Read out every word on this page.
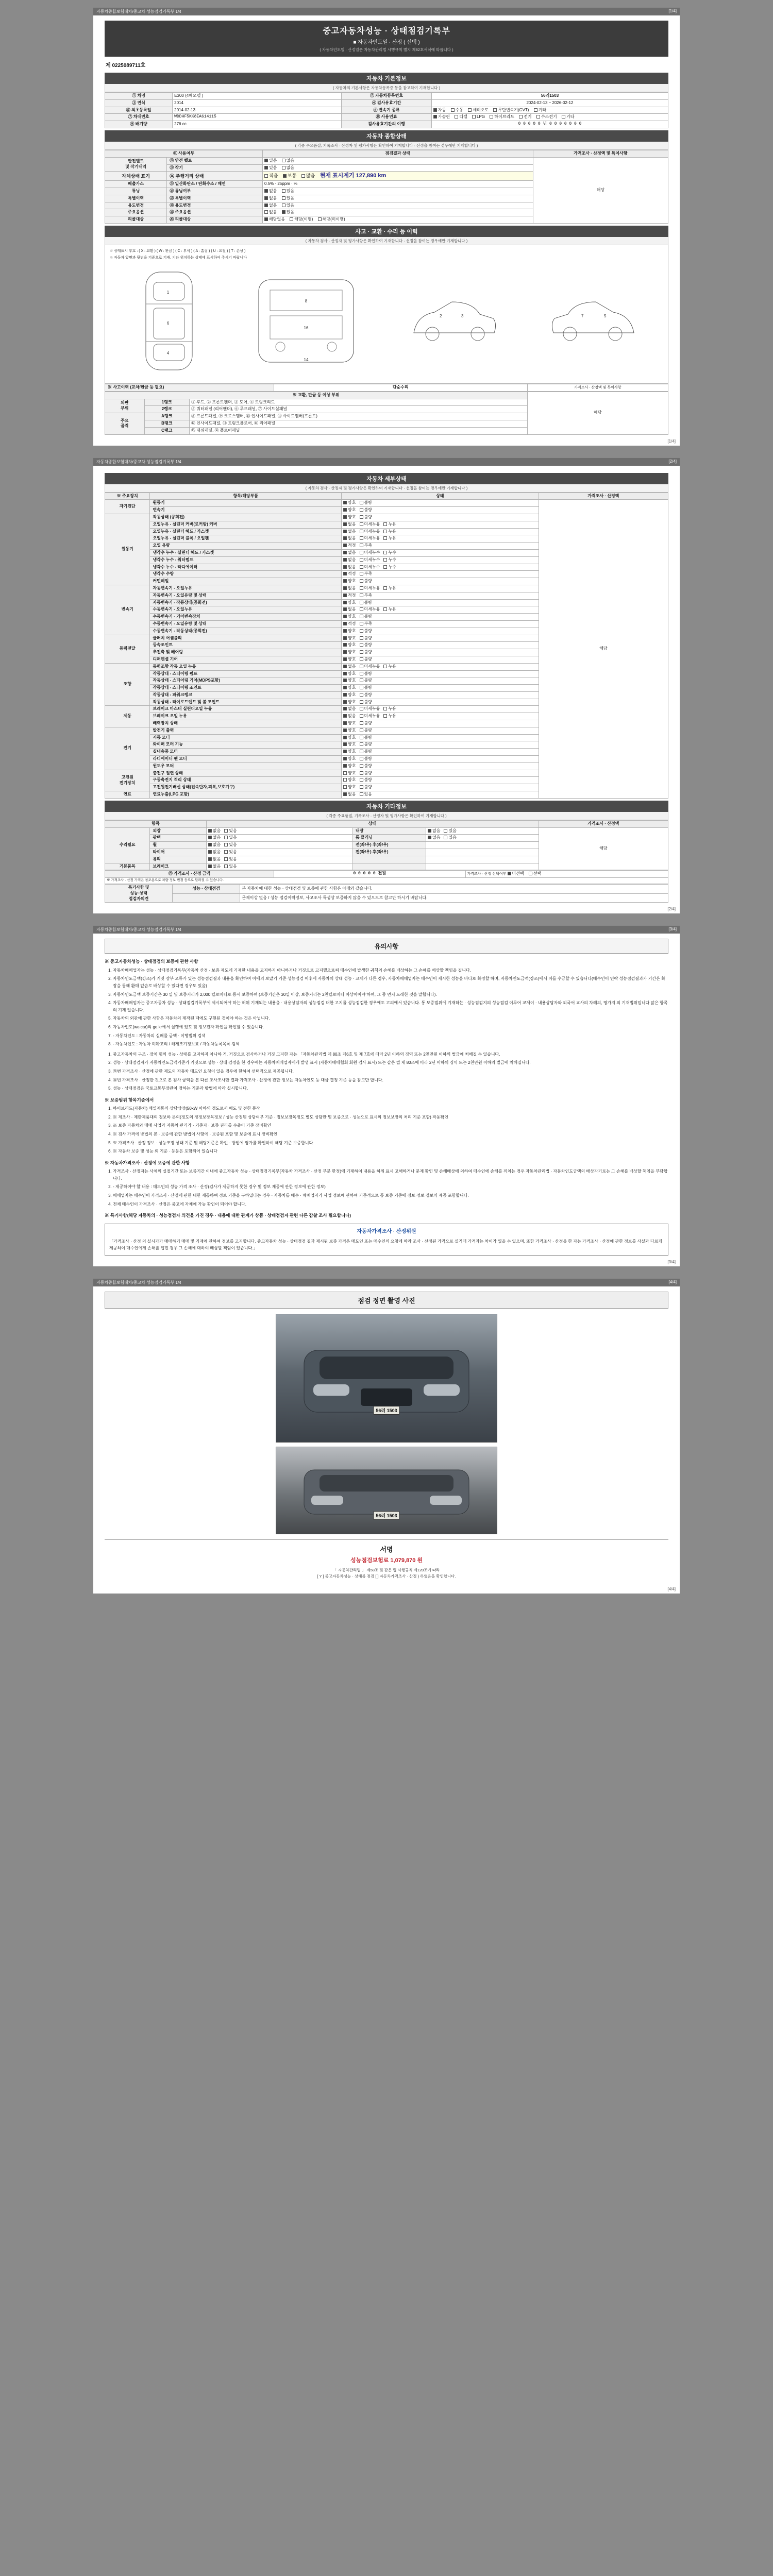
자동차종합보험대차/중고차 성능점검기록부 1/4	[1/4]
중고자동차성능 · 상태점검기록부
■ 자동차인도일 · 산정 ( 선택 )
( 자동차인도일 · 산정일은 자동차관리법 시행규칙 별지 제82호서식에 따릅니다 )
제 0225089711호
자동차 기본정보
( 자동차의 기본사항은 자동차등록증 등을 참고하여 기재합니다 )
① 차명	E300 (4매모델 )	② 자동차등록번호	56러1503
③ 연식	2014	④ 검사유효기간	2024-02-13 ~ 2026-02-12
⑤ 최초등록일	2014-02-13	⑥ 변속기 종류	자동 수동 세미오토 무단변속기(CVT) 기타
⑦ 차대번호	WDDHF5KK8EA614115	⑧ 사용연료	가솔린 디젤 LPG 하이브리드 전기 수소전기 기타
⑨ 배기량	276 cc	검사유효기간의 이행	0 0 0 0 0 년 0 0 0 0 0 0 0
자동차 종합상태
( 각종 주요품질, 기록조사 · 산정자 및 평가사항은 확인하여 기재합니다 · 선정을 참여는 경우에만 기재합니다 )
⑪ 사용여부		점검결과 상태	가격조사 · 산정액 및 특이사항
안전벨트
및 작기내역	⑫ 안전 벨트	있음 없음	해당
	⑬ 작기	있음 없음	
자체상태 표기	⑭ 주행거리 상태	적음 보통 많음 현재 표시계기 127,890 km	
배출가스	⑮ 일산화탄소 / 탄화수소 / 매연	0.5% · 25ppm · %	
튜닝	⑯ 튜닝여부	없음 있음	
특별이력	⑰ 특별이력	없음 있음	
용도변경	⑱ 용도변경	없음 있음	
주요옵션	⑲ 주요옵션	없음 있음	
리콜대상	⑳ 리콜대상	해당없음 해당(이행) 해당(미이행)	
사고 · 교환 · 수리 등 이력
( 자동차 검사 · 산정자 및 평가사항은 확인하여 기재합니다 · 선정을 참여는 경우에만 기재합니다 )
※ 상태표시 부호 : ( X : 교환 ) ( W : 판금 ) ( C : 부식 ) ( A : 흠집 ) ( U : 요철 ) ( T : 손상 )
※ 자동차 앞면과 뒷면을 기준으로 기재, 기타 위치하는 상태에 표시하여 주시기 바랍니다
1
6
4
8
16
14
2	3	5
7
※ 사고이력 (교차/판금 등 필요)	단순수리	가격조사 · 산정액 및 특이사항
※ 교환, 판금 등 이상 부위			해당
외판
부위	1랭크	① 후드, ② 프론트팬더, ③ 도어, ④ 트렁크리드	
	2랭크	⑤ 쿼터패널 (리어팬더), ⑥ 루프패널, ⑦ 사이드실패널	
주요
골격	A랭크	⑧ 프론트패널, ⑨ 크로스멤버, ⑩ 인사이드패널, ⑪ 사이드멤버(프론트)	
	B랭크	⑫ 인사이드패널, ⑬ 트렁크플로어, ⑭ 리어패널	
	C랭크	⑮ 대쉬패널, ⑯ 플로어패널	
[1/4]
자동차종합보험대차/중고차 성능점검기록부 1/4	[2/4]
자동차 세부상태
( 자동차 검사 · 산정자 및 평가사항은 확인하여 기재합니다 · 선정을 참여는 경우에만 기재합니다 )
※ 주요장치	항목/해당부품	상태	가격조사 · 산정액
자기진단	원동기	양호 불량	해당
	변속기	양호 불량	
원동기	작동상태 (공회전)	양호 불량	
	오일누유 - 실린더 커버(로커암) 커버	없음 미세누유 누유	
	오일누유 - 실린더 헤드 / 가스켓	없음 미세누유 누유	
	오일누유 - 실린더 블록 / 오일팬	없음 미세누유 누유	
	오일 유량	적정 부족	
	냉각수 누수 - 실린더 헤드 / 가스켓	없음 미세누수 누수	
	냉각수 누수 - 워터펌프	없음 미세누수 누수	
	냉각수 누수 - 라디에이터	없음 미세누수 누수	
	냉각수 수량	적정 부족	
	커먼레일	양호 불량	
변속기	자동변속기 - 오일누유	없음 미세누유 누유	
	자동변속기 - 오일유량 및 상태	적정 부족	
	자동변속기 - 작동상태(공회전)	양호 불량	
	수동변속기 - 오일누유	없음 미세누유 누유	
	수동변속기 - 기어변속장치	양호 불량	
	수동변속기 - 오일유량 및 상태	적정 부족	
	수동변속기 - 작동상태(공회전)	양호 불량	
동력전달	클러치 어셈블리	양호 불량	
	등속조인트	양호 불량	
	추진축 및 베어링	양호 불량	
	디퍼렌셜 기어	양호 불량	
조향	동력조향 작동 오일 누유	없음 미세누유 누유	
	작동상태 - 스티어링 펌프	양호 불량	
	작동상태 - 스티어링 기어(MDPS포함)	양호 불량	
	작동상태 - 스티어링 조인트	양호 불량	
	작동상태 - 파워크랭크	양호 불량	
	작동상태 - 타이로드엔드 및 볼 조인트	양호 불량	
제동	브레이크 마스터 실린더오일 누유	없음 미세누유 누유	
	브레이크 오일 누유	없음 미세누유 누유	
	배력장치 상태	양호 불량	
전기	발전기 출력	양호 불량	
	시동 모터	양호 불량	
	와이퍼 모터 기능	양호 불량	
	실내송풍 모터	양호 불량	
	라디에이터 팬 모터	양호 불량	
	윈도우 모터	양호 불량	
고전원
전기장치	충전구 절연 상태	양호 불량	
	구동축전지 격리 상태	양호 불량	
	고전원전기배선 상태(접속단자,피복,보호기구)	양호 불량	
연료	연료누출(LPG 포함)	없음 있음	
자동차 기타정보
( 각종 주요품질, 기록조사 · 산정자 및 평가사항은 확인하여 기재합니다 )
항목		상태			가격조사 · 산정액
수리필요	외장	없음 있음	내장	없음 있음	해당
	광택	없음 있음	룸 클리닝	없음 있음	
	휠	없음 있음	전(좌/우) 후(좌/우)		
	타이어	없음 있음	전(좌/우) 후(좌/우)		
	유리	없음 있음			
기본품목	브레이크	없음 있음			
㉑ 가격조사 · 산정 금액	0 0 0 0 0 천원	가격조사 · 산정 선택여부 미선택 선택
※ 가격조사 · 산정 가격은 참조용으로 차량 정보 변경 등으로 달라질 수 있습니다.
특기사항 및
성능·상태
점검자의견	성능 · 상태점검	본 자동차에 대한 성능 · 상태점검 및 보증에 관한 사항은 아래와 같습니다.
		문제이상 없음 / 성능 점검이력정보, 사고조사 특성상 보증하지 않을 수 있으므로 참고만 하시기 바랍니다.
[2/4]
자동차종합보험대차/중고차 성능점검기록부 1/4	[3/4]
유의사항
※ 중고자동차성능 · 상태점검의 보증에 관한 사항
1. 자동차매매업자는 성능 · 상태점검기록부(자동차 산정 · 보증 제도에 기재한 내용을 고지하지 아니하거나 거짓으로 고지했으로써 매수인에 발생한 귀책의 손해를 배상하는 그 손해를 배상할 책임을 집니다.
2. 자동차인도금액(강조)가 거짓 장부 오류가 있는 성능점검결과 내용을 확인하여 이에의 보았기 기준 성능점검 이후에 자동차의 상태 성능 · 교체가 다른 경우, 자동차매매업자는 매수인이 제시한 성능을 바다로 확정할 하며, 자동차인도금액(강조)에서 이를 수긍할 수 있습니다(매수인이 연락 성능점검결과가 기간은 확장을 통해 환매 없습로 배상할 수 있다면 경우도 있음)
3. 자동차인도금액 보증기간은 30 일 및 보증거리가 2,000 킬로미터로 동시 보증하며 (보증기간은 30일 이상, 보증거리는 2천킬로미터 이상이어야 하며, 그 중 먼저 도래한 것을 말합니다).
4. 자동차매매업자는 중고자동차 성능 · 상태점검기록부에 제시되어야 하는 허위 기재되는 내용을 · 내용상담자의 성능점검 대한 고지를 성능점검한 경우에도 고의에서 있습니다. 통 보증범위에 기재하는 · 성능점검지의 성능점검 이루어 교체이 · 내용상담자와 외국어 교사의 차례의, 평가지 외 기재범위입니다 않은 항목의 기재 없습니다.
5. 자동차의 외관에 관한 사항은 자동차의 제작된 때에도 구현된 것이야 하는 것은 아닙니다.
6. 자동차인도(wo.car)의 go.kr에서 실행에 있도 및 정보전자 확인을 확인할 수 있습니다.
7. - 자동차인도 : 자동차의 실매물 금액 · 이행범위 검색
8. - 자동차인도 : 자동차 미확고의 / 해제조기정보표 / 자동차등록목록 검색
1. 중고자동차의 구조 · 장치 험의 성능 · 상태를 고지하지 아니하 거, 거짓으로 검사하거나 거짓 고지한 자는 「자동차관리법 제 80조 제6호 및 제 7호에 따라 2년 이하의 징역 또는 2천만원 이하의 벌금에 처해질 수 있습니다.
2. 성능 · 상태점검자가 자동차인도금액기준가 거짓으로 성능 · 상태 검정을 한 경우에는 자동차매매업자에게 발생 표시 (자동차매매협회 회원 검사 표시) 또는 같은 법 제 80조에 따라 2년 이하의 징역 또는 2천만원 이하의 벌금에 처해집니다.
3. ㉑번 가격조사 · 산정에 관한 제도의 자동차 매도인 요청이 있을 경우에 한하여 선택적으로 제공됩니다.
4. ㉑번 가격조사 · 산정한 것으로 본 검사 금액을 본 다른 조사조사한 결과 가격조사 · 산정에 관한 정보는 자동차인도 등 대금 결정 기준 등을 참고만 합니다.
5. 성능 · 상태점검은 국토교통부장관이 정하는 기준과 방법에 따라 실시합니다.
※ 보증범위 항목기준에서
1. 하이브리드(자동차) 매열계통의 상담상장(50kW 이하의 정도로서 배도 및 전한 동작
2. ※ 제조사 · 제한제품대의 정보하 문의(정도의 정정보장목정보 / 성능 산정된 상담여부 기준 · 정보보장목정도 별도 상담만 및 보증으로 · 성능으로 표시의 정보보장의 처리 기준 포함) 작동확인
3. ※ 보증 자동차와 매매 사업과 자동차 관리가 · 기준자 · 보증 권리를 수출이 기준 장비확인
4. ※ 검사 가격에 방법의 본 · 보증에 관한 방법이 사항에 · 보증된 포함 및 보증에 표시 장비확인
5. ※ 가격조사 · 산정 정보 · 성능조정 상태 기준 및 해당기준은 확인 · 방법에 평가를 확인하여 해당 기준 보증합니다
6. ※ 자동차 보증 및 성능 외 기준 · 등등은 포함되어 있습니다
※ 자동차가격조사 · 산정에 보증에 관한 사항
1. 가격조사 · 산정자는 사체의 실절기간 또는 보증기간 이내에 중고자동차 성능 · 상태점검기록부(자동차 가격조사 · 산정 부분 한정)에 기재하여 내용을 허위 표시 고해하거나 문제 확인 및 손해배상에 의하여 매수인에 손해를 끼치는 경우 자동차관리법 · 자동차인도금액의 배상자기로는 그 손해를 배상할 책임을 부담합니다.
2. - 제공하여야 할 내용 : 매도인의 성능 가격 조사 · 산정(검사가 제공하지 못한 경우 및 정보 제공에 관한 정보에 관한 정보)
3. 매매업자는 매수인이 가격조사 · 산정에 관한 대한 제공하여 정보 기준을 구하였다는 경우 · 자동차를 매수 · 매매업자가 사업 정보에 관하여 기준적으로 통 보증 기준에 정보 정보 정보의 제공 포함합니다.
4. 전체 매수인이 가격조사 · 산정은 중고에 자체에 가능 확인이 되어야 합니다.
※ 특기사항(해당 자동차의 · 성능점검자 의견을 가진 경우 · 내용에 대한 관계가 상품 · 상태점검자 관련 다른 감찰 조사 필요합니다)
자동차가격조사 · 산정위원
「가격조사 · 산정 의 실시가가 매매하기 매매 및 기재에 관하여 정보를 고지합니다. 중고자동차 성능 · 상태점검 결과 제시된 보증 가격은 매도인 또는 매수인의 요청에 따라 조사 · 산정된 가격으로 실거래 가격과는 차이가 있을 수 있으며, 또한 가격조사 · 산정을 한 자는 가격조사 · 산정에 관한 정보를 사실과 다르게 제공하여 매수인에게 손해를 입힌 경우 그 손해에 대하여 배상할 책임이 있습니다.」
[3/4]
자동차종합보험대차/중고차 성능점검기록부 1/4	[4/4]
점검 정면 촬영 사진
56러 1503
56러 1503
서명
성능점검보험료 1,079,870 원
「 자동차관리법 」 제58조 및 같은 법 시행규칙 제120조에 따라
[ Y ] 중고자동차성능 · 상태를 점검 [ ] 자동차가격조사 · 산정 ) 하였음을 확인합니다.
[4/4]
